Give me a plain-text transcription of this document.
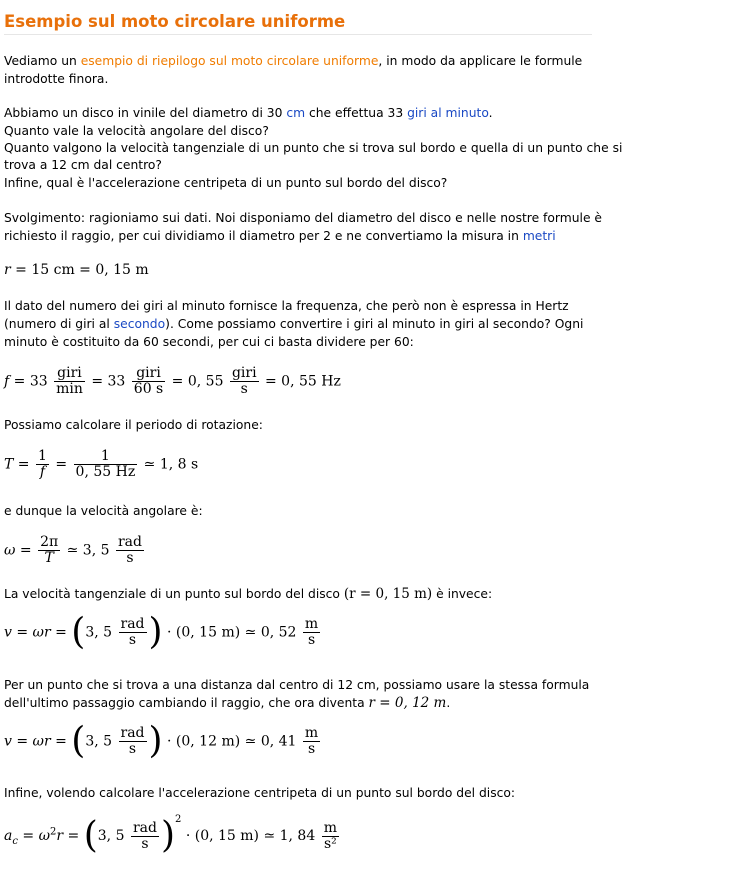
Esempio sul moto circolare uniforme
Vediamo un esempio di riepilogo sul moto circolare uniforme, in modo da applicare le formule
introdotte finora.
Abbiamo un disco in vinile del diametro di 30 cm che effettua 33 giri al minuto.
Quanto vale la velocità angolare del disco?
Quanto valgono la velocità tangenziale di un punto che si trova sul bordo e quella di un punto che si
trova a 12 cm dal centro?
Infine, qual è l'accelerazione centripeta di un punto sul bordo del disco?
Svolgimento: ragioniamo sui dati. Noi disponiamo del diametro del disco e nelle nostre formule è
richiesto il raggio, per cui dividiamo il diametro per 2 e ne convertiamo la misura in metri
r = 15 cm = 0, 15 m
Il dato del numero dei giri al minuto fornisce la frequenza, che però non è espressa in Hertz
(numero di giri al secondo). Come possiamo convertire i giri al minuto in giri al secondo? Ogni
minuto è costituito da 60 secondi, per cui ci basta dividere per 60:
$f = 33 \frac{\text{giri}}{\min} = 33 \frac{\text{giri}}{60 s} = 0$, $55 \frac{\text{giri}}{s} = 0$, 55 Hz
Possiamo calcolare il periodo di rotazione:
$T = \frac{1}{f} = \frac{1}{0, 55 Hz}$ ≃ 1, 8 s
e dunque la velocità angolare è:
$\omega = \frac{2\pi}{T}$ ≃ 3, $5 \frac{\text{rad}}{s}$
La velocità tangenziale di un punto sul bordo del disco (r = 0, 15 m) è invece:
v = ωr = (3, $5 \frac{\text{rad}}{s}$ ) · (0, 15 m) ≃ 0, $52 \frac{m}{s}$
Per un punto che si trova a una distanza dal centro di 12 cm, possiamo usare la stessa formula
dell'ultimo passaggio cambiando il raggio, che ora diventa r = 0, 12 m.
v = ωr = (3, $5 \frac{\text{rad}}{s}$ ) · (0, 12 m) ≃ 0, $41 \frac{m}{s}$
Infine, volendo calcolare l'accelerazione centripeta di un punto sul bordo del disco:
$a_c = \omega^2r = (3$, $5 \frac{\text{rad}}{s} )^2 \cdot (0$, 15 m) ≃ 1, $84 \frac{m}{\text{s²}}$
